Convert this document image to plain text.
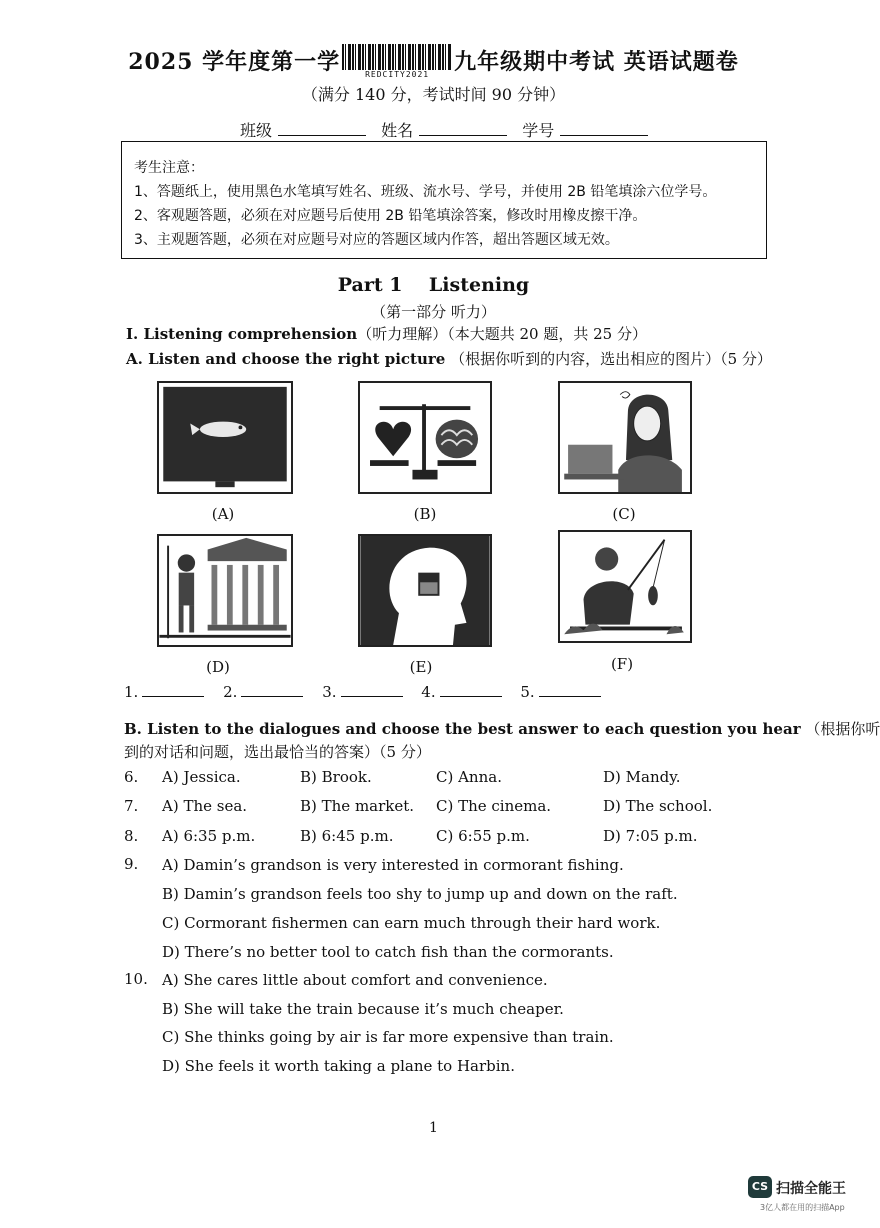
2025 学年度第一学	REDCITY2021	九年级期中考试 英语试题卷
（满分 140 分，考试时间 90 分钟）
班级	姓名	学号
考生注意：
1、答题纸上，使用黑色水笔填写姓名、班级、流水号、学号，并使用 2B 铅笔填涂六位学号。
2、客观题答题，必须在对应题号后使用 2B 铅笔填涂答案，修改时用橡皮擦干净。
3、主观题答题，必须在对应题号对应的答题区域内作答，超出答题区域无效。
Part 1    Listening
（第一部分 听力）
I. Listening comprehension（听力理解）（本大题共 20 题，共 25 分）
A. Listen and choose the right picture （根据你听到的内容，选出相应的图片）（5 分）
(A)	(B)	(C)
(D)	(E)	(F)
1.	2.	3.	4.	5.
B. Listen to the dialogues and choose the best answer to each question you hear （根据你听
到的对话和问题，选出最恰当的答案）（5 分）
6. A) Jessica.	B) Brook.	C) Anna.	D) Mandy.
7. A) The sea.	B) The market. C) The cinema.	D) The school.
8. A) 6:35 p.m.	B) 6:45 p.m.	C) 6:55 p.m.	D) 7:05 p.m.
9. A) Damin’s grandson is very interested in cormorant fishing.
B) Damin’s grandson feels too shy to jump up and down on the raft.
C) Cormorant fishermen can earn much through their hard work.
D) There’s no better tool to catch fish than the cormorants.
10. A) She cares little about comfort and convenience.
B) She will take the train because it’s much cheaper.
C) She thinks going by air is far more expensive than train.
D) She feels it worth taking a plane to Harbin.
1
CS 扫描全能王
3亿人都在用的扫描App
